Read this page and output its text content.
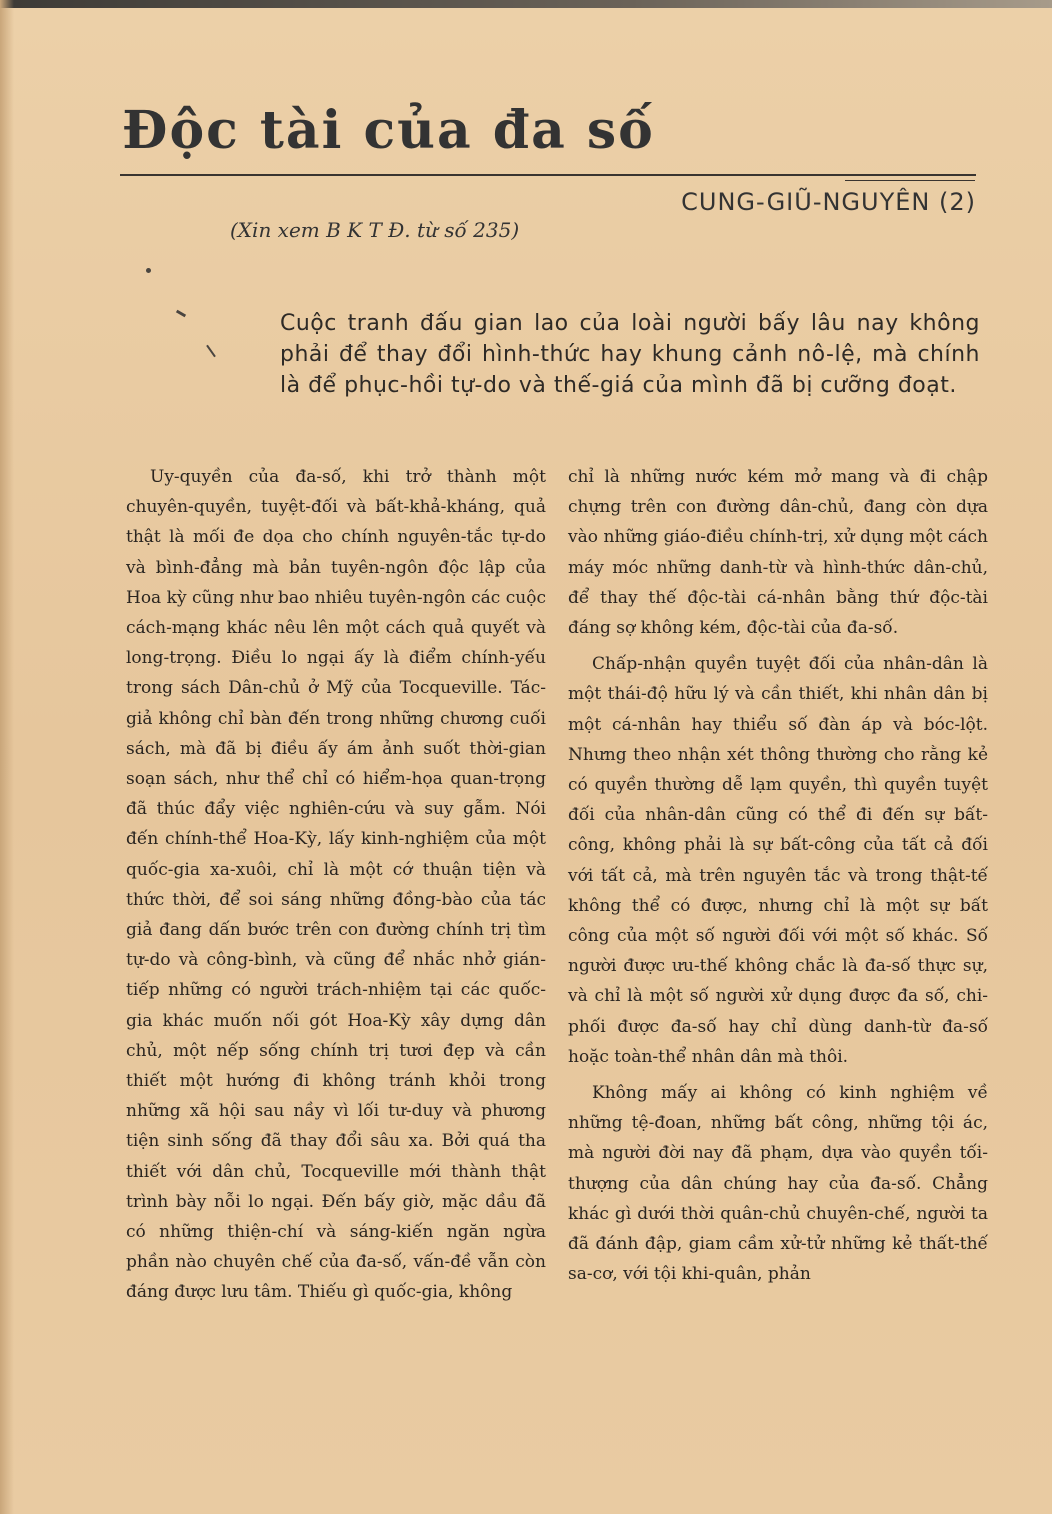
Độc tài của đa số
CUNG-GIŨ-NGUYÊN (2)
(Xin xem B K T Đ. từ số 235)
Cuộc tranh đấu gian lao của loài người bấy lâu nay không phải để thay đổi hình-thức hay khung cảnh nô-lệ, mà chính là để phục-hồi tự-do và thế-giá của mình đã bị cưỡng đoạt.

Uy-quyền của đa-số, khi trở thành một chuyên-quyền, tuyệt-đối và bất-khả-kháng, quả thật là mối đe dọa cho chính nguyên-tắc tự-do và bình-đẳng mà bản tuyên-ngôn độc lập của Hoa kỳ cũng như bao nhiêu tuyên-ngôn các cuộc cách-mạng khác nêu lên một cách quả quyết và long-trọng. Điều lo ngại ấy là điểm chính-yếu trong sách Dân-chủ ở Mỹ của Tocqueville. Tác-giả không chỉ bàn đến trong những chương cuối sách, mà đã bị điều ấy ám ảnh suốt thời-gian soạn sách, như thể chỉ có hiểm-họa quan-trọng đã thúc đẩy việc nghiên-cứu và suy gẫm. Nói đến chính-thể Hoa-Kỳ, lấy kinh-nghiệm của một quốc-gia xa-xuôi, chỉ là một cớ thuận tiện và thức thời, để soi sáng những đồng-bào của tác giả đang dấn bước trên con đường chính trị tìm tự-do và công-bình, và cũng để nhắc nhở gián-tiếp những có người trách-nhiệm tại các quốc-gia khác muốn nối gót Hoa-Kỳ xây dựng dân chủ, một nếp sống chính trị tươi đẹp và cần thiết một hướng đi không tránh khỏi trong những xã hội sau nầy vì lối tư-duy và phương tiện sinh sống đã thay đổi sâu xa. Bởi quá tha thiết với dân chủ, Tocqueville mới thành thật trình bày nỗi lo ngại. Đến bấy giờ, mặc dầu đã có những thiện-chí và sáng-kiến ngăn ngừa phần nào chuyên chế của đa-số, vấn-đề vẫn còn đáng được lưu tâm. Thiếu gì quốc-gia, không

chỉ là những nước kém mở mang và đi chập chựng trên con đường dân-chủ, đang còn dựa vào những giáo-điều chính-trị, xử dụng một cách máy móc những danh-từ và hình-thức dân-chủ, để thay thế độc-tài cá-nhân bằng thứ độc-tài đáng sợ không kém, độc-tài của đa-số.

Chấp-nhận quyền tuyệt đối của nhân-dân là một thái-độ hữu lý và cần thiết, khi nhân dân bị một cá-nhân hay thiểu số đàn áp và bóc-lột. Nhưng theo nhận xét thông thường cho rằng kẻ có quyền thường dễ lạm quyền, thì quyền tuyệt đối của nhân-dân cũng có thể đi đến sự bất-công, không phải là sự bất-công của tất cả đối với tất cả, mà trên nguyên tắc và trong thật-tế không thể có được, nhưng chỉ là một sự bất công của một số người đối với một số khác. Số người được ưu-thế không chắc là đa-số thực sự, và chỉ là một số người xử dụng được đa số, chi-phối được đa-số hay chỉ dùng danh-từ đa-số hoặc toàn-thể nhân dân mà thôi.

Không mấy ai không có kinh nghiệm về những tệ-đoan, những bất công, những tội ác, mà người đời nay đã phạm, dựa vào quyền tối-thượng của dân chúng hay của đa-số. Chẳng khác gì dưới thời quân-chủ chuyên-chế, người ta đã đánh đập, giam cầm xử-tử những kẻ thất-thế sa-cơ, với tội khi-quân, phản
